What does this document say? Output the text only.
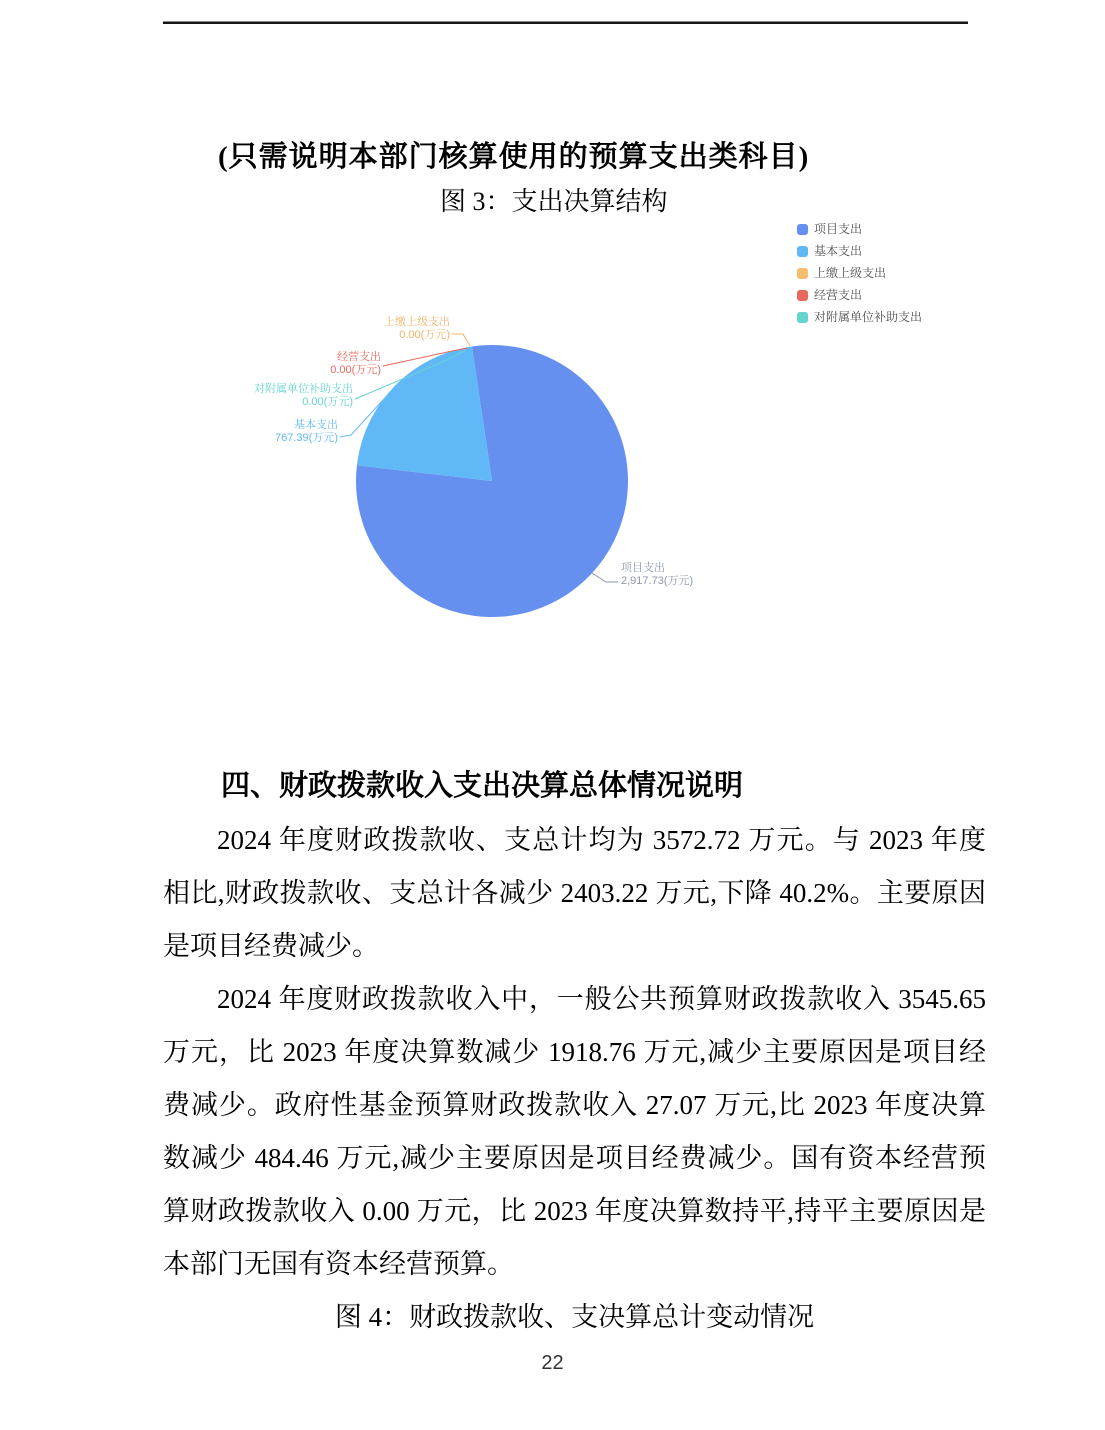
(只需说明本部门核算使用的预算支出类科目)
图 3：支出决算结构
项目支出
基本支出
上缴上级支出
经营支出
对附属单位补助支出
上缴上级支出
0.00(万元)
经营支出
0.00(万元)
对附属单位补助支出
0.00(万元)
基本支出
767.39(万元)
项目支出
2,917.73(万元)
四、财政拨款收入支出决算总体情况说明

2024 年度财政拨款收、支总计均为 3572.72 万元。与 2023 年度相比,财政拨款收、支总计各减少 2403.22 万元,下降 40.2%。主要原因是项目经费减少。

2024 年度财政拨款收入中，一般公共预算财政拨款收入 3545.65 万元，比 2023 年度决算数减少 1918.76 万元,减少主要原因是项目经费减少。政府性基金预算财政拨款收入 27.07 万元,比 2023 年度决算数减少 484.46 万元,减少主要原因是项目经费减少。国有资本经营预算财政拨款收入 0.00 万元，比 2023 年度决算数持平,持平主要原因是本部门无国有资本经营预算。

图 4：财政拨款收、支决算总计变动情况
22
